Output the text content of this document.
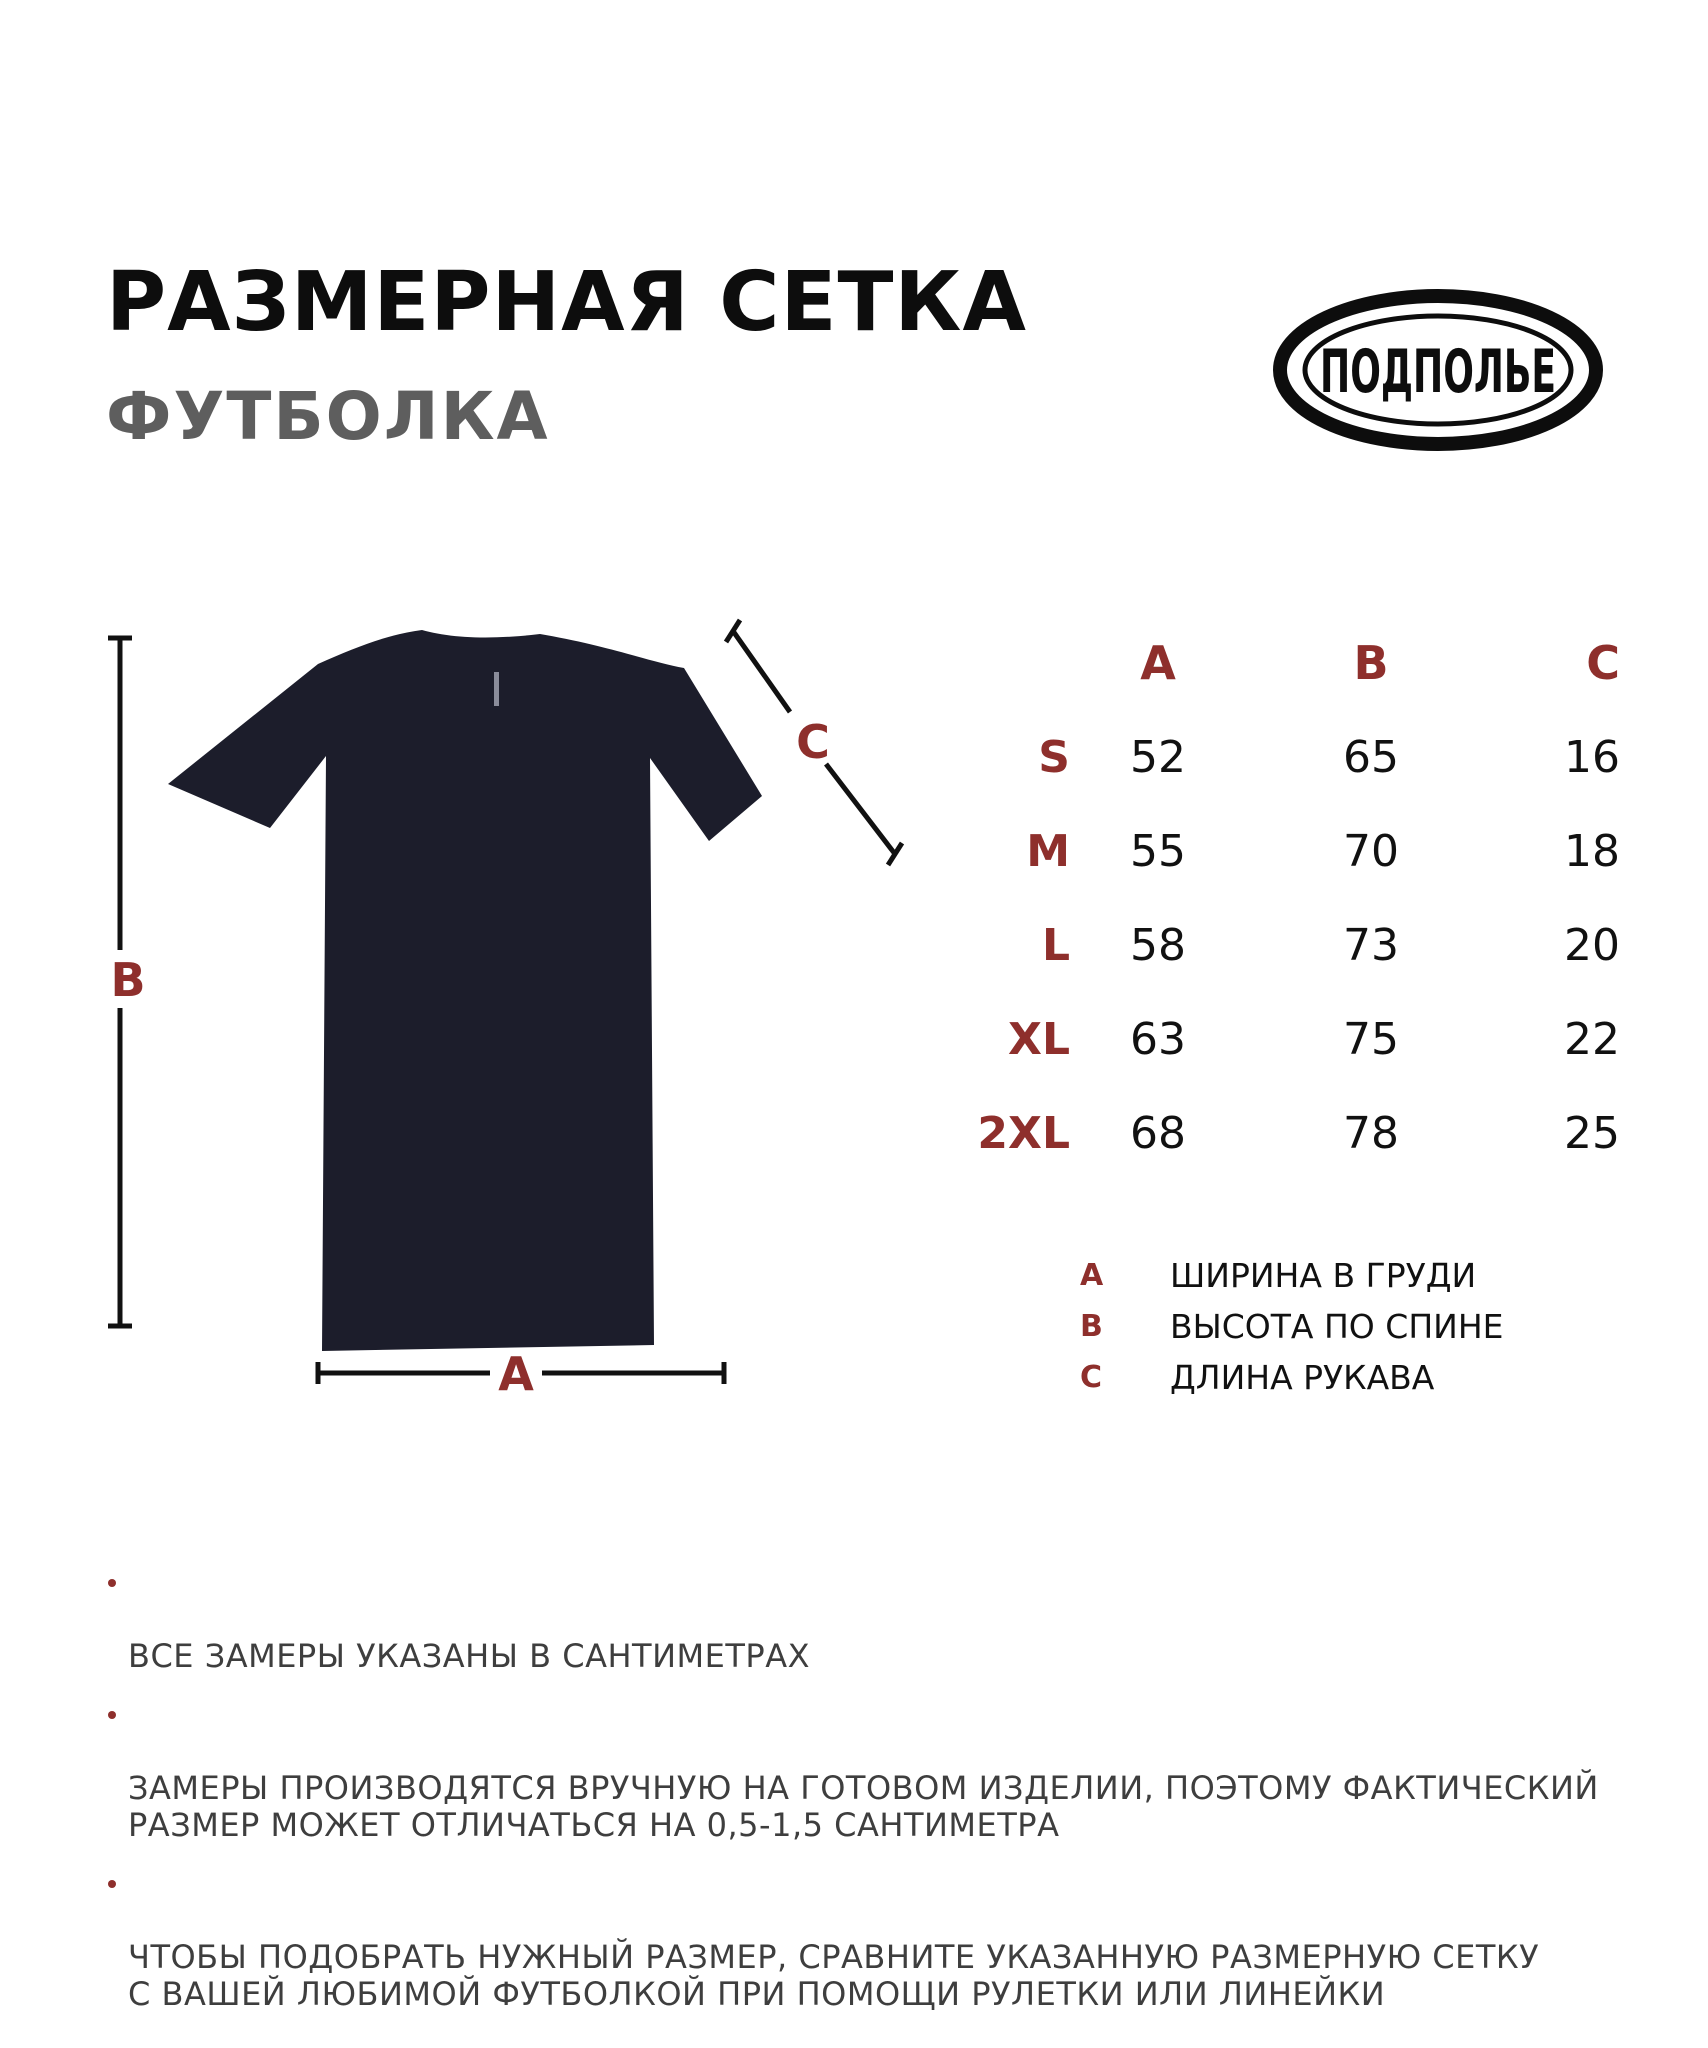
РАЗМЕРНАЯ СЕТКА
ФУТБОЛКА
ПОДПОЛЬЕ
B
A
C
	A	B	C
S	52	65	16
M	55	70	18
L	58	73	20
XL	63	75	22
2XL	68	78	25
A	ШИРИНА В ГРУДИ
B	ВЫСОТА ПО СПИНЕ
C	ДЛИНА РУКАВА

ВСЕ ЗАМЕРЫ УКАЗАНЫ В САНТИМЕТРАХ

ЗАМЕРЫ ПРОИЗВОДЯТСЯ ВРУЧНУЮ НА ГОТОВОМ ИЗДЕЛИИ, ПОЭТОМУ ФАКТИЧЕСКИЙ
РАЗМЕР МОЖЕТ ОТЛИЧАТЬСЯ НА 0,5-1,5 САНТИМЕТРА

ЧТОБЫ ПОДОБРАТЬ НУЖНЫЙ РАЗМЕР, СРАВНИТЕ УКАЗАННУЮ РАЗМЕРНУЮ СЕТКУ
С ВАШЕЙ ЛЮБИМОЙ ФУТБОЛКОЙ ПРИ ПОМОЩИ РУЛЕТКИ ИЛИ ЛИНЕЙКИ
